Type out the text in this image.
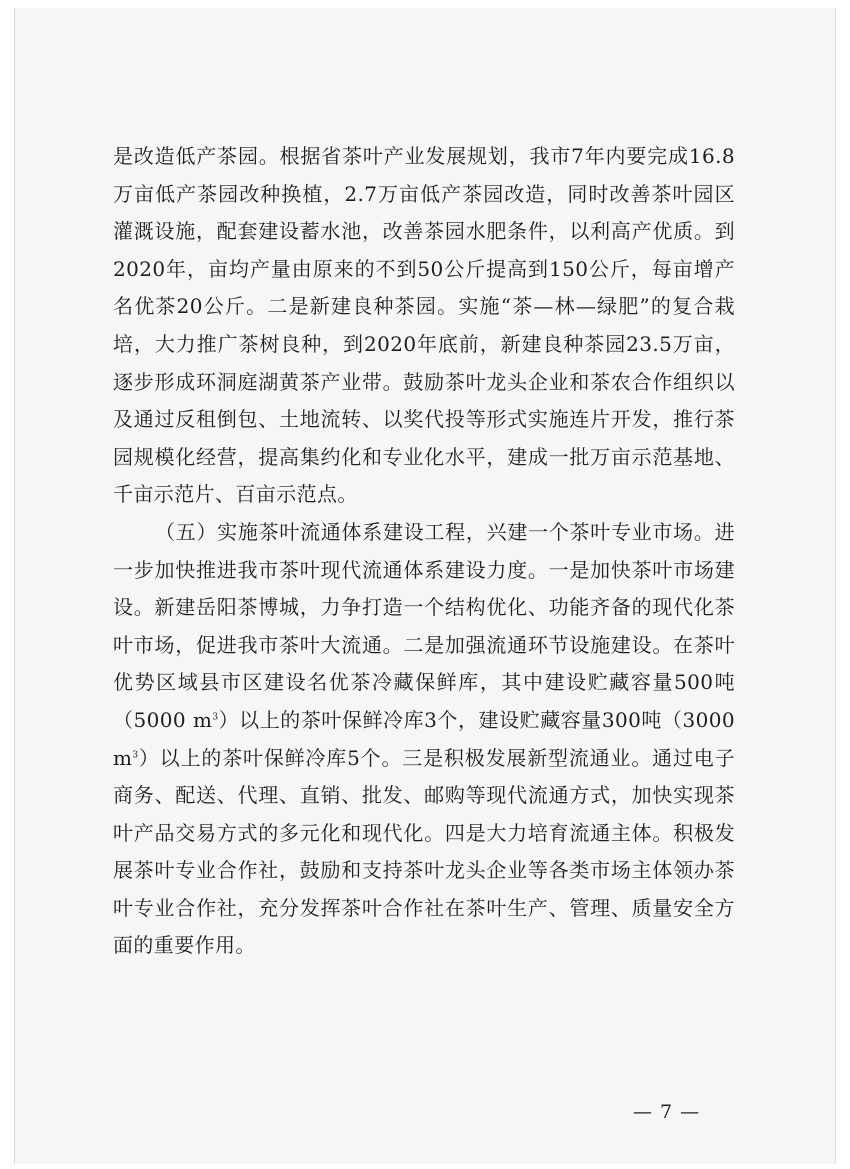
是改造低产茶园。根据省茶叶产业发展规划，我市7年内要完成16.8万亩低产茶园改种换植，2.7万亩低产茶园改造，同时改善茶叶园区灌溉设施，配套建设蓄水池，改善茶园水肥条件，以利高产优质。到2020年，亩均产量由原来的不到50公斤提高到150公斤，每亩增产名优茶20公斤。二是新建良种茶园。实施“茶—林—绿肥”的复合栽培，大力推广茶树良种，到2020年底前，新建良种茶园23.5万亩，逐步形成环洞庭湖黄茶产业带。鼓励茶叶龙头企业和茶农合作组织以及通过反租倒包、土地流转、以奖代投等形式实施连片开发，推行茶园规模化经营，提高集约化和专业化水平，建成一批万亩示范基地、千亩示范片、百亩示范点。

（五）实施茶叶流通体系建设工程，兴建一个茶叶专业市场。进一步加快推进我市茶叶现代流通体系建设力度。一是加快茶叶市场建设。新建岳阳茶博城，力争打造一个结构优化、功能齐备的现代化茶叶市场，促进我市茶叶大流通。二是加强流通环节设施建设。在茶叶优势区域县市区建设名优茶冷藏保鲜库，其中建设贮藏容量500吨（5000 $m^3$）以上的茶叶保鲜冷库3个，建设贮藏容量300吨（3000 $m^3$）以上的茶叶保鲜冷库5个。三是积极发展新型流通业。通过电子商务、配送、代理、直销、批发、邮购等现代流通方式，加快实现茶叶产品交易方式的多元化和现代化。四是大力培育流通主体。积极发展茶叶专业合作社，鼓励和支持茶叶龙头企业等各类市场主体领办茶叶专业合作社，充分发挥茶叶合作社在茶叶生产、管理、质量安全方面的重要作用。

— 7 —
